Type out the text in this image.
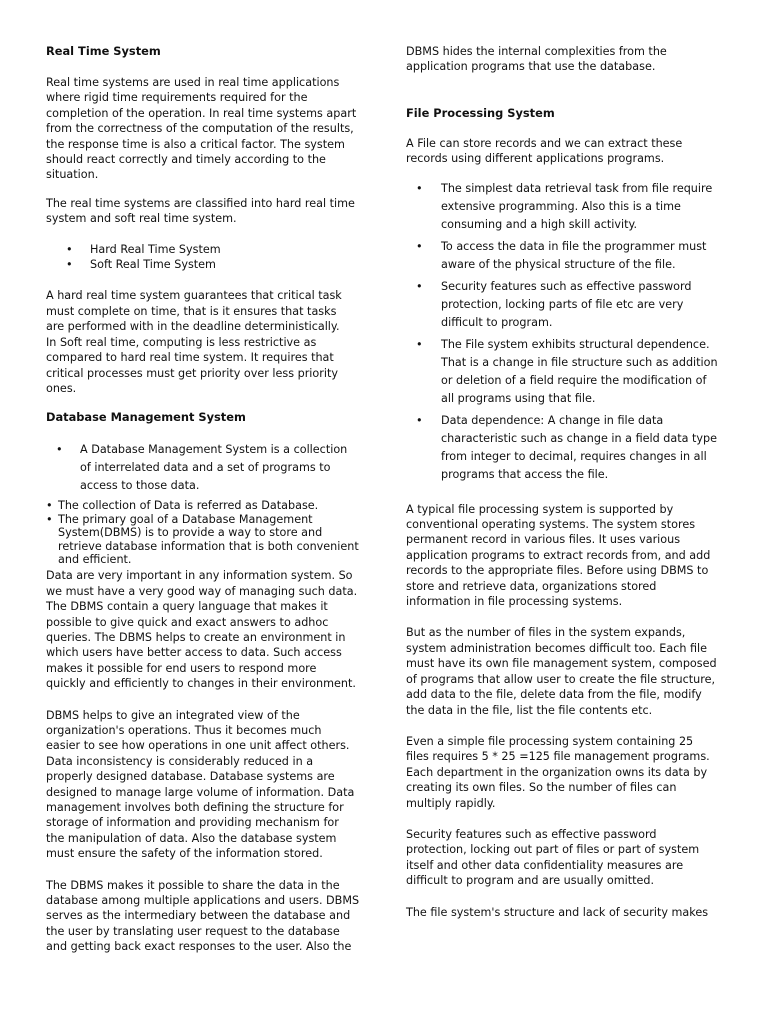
Real Time System

Real time systems are used in real time applications
where rigid time requirements required for the
completion of the operation. In real time systems apart
from the correctness of the computation of the results,
the response time is also a critical factor. The system
should react correctly and timely according to the
situation.

The real time systems are classified into hard real time
system and soft real time system.

• Hard Real Time System
• Soft Real Time System

A hard real time system guarantees that critical task
must complete on time, that is it ensures that tasks
are performed with in the deadline deterministically.
In Soft real time, computing is less restrictive as
compared to hard real time system. It requires that
critical processes must get priority over less priority
ones.

Database Management System
• A Database Management System is a collection
of interrelated data and a set of programs to
access to those data.
• The collection of Data is referred as Database.
• The primary goal of a Database Management
System(DBMS) is to provide a way to store and
retrieve database information that is both convenient
and efficient.

Data are very important in any information system. So
we must have a very good way of managing such data.
The DBMS contain a query language that makes it
possible to give quick and exact answers to adhoc
queries. The DBMS helps to create an environment in
which users have better access to data. Such access
makes it possible for end users to respond more
quickly and efficiently to changes in their environment.

DBMS helps to give an integrated view of the
organization's operations. Thus it becomes much
easier to see how operations in one unit affect others.
Data inconsistency is considerably reduced in a
properly designed database. Database systems are
designed to manage large volume of information. Data
management involves both defining the structure for
storage of information and providing mechanism for
the manipulation of data. Also the database system
must ensure the safety of the information stored.

The DBMS makes it possible to share the data in the
database among multiple applications and users. DBMS
serves as the intermediary between the database and
the user by translating user request to the database
and getting back exact responses to the user. Also the

DBMS hides the internal complexities from the
application programs that use the database.

File Processing System

A File can store records and we can extract these
records using different applications programs.

• The simplest data retrieval task from file require
extensive programming. Also this is a time
consuming and a high skill activity.
• To access the data in file the programmer must
aware of the physical structure of the file.
• Security features such as effective password
protection, locking parts of file etc are very
difficult to program.
• The File system exhibits structural dependence.
That is a change in file structure such as addition
or deletion of a field require the modification of
all programs using that file.
• Data dependence: A change in file data
characteristic such as change in a field data type
from integer to decimal, requires changes in all
programs that access the file.

A typical file processing system is supported by
conventional operating systems. The system stores
permanent record in various files. It uses various
application programs to extract records from, and add
records to the appropriate files. Before using DBMS to
store and retrieve data, organizations stored
information in file processing systems.

But as the number of files in the system expands,
system administration becomes difficult too. Each file
must have its own file management system, composed
of programs that allow user to create the file structure,
add data to the file, delete data from the file, modify
the data in the file, list the file contents etc.

Even a simple file processing system containing 25
files requires 5 * 25 =125 file management programs.
Each department in the organization owns its data by
creating its own files. So the number of files can
multiply rapidly.

Security features such as effective password
protection, locking out part of files or part of system
itself and other data confidentiality measures are
difficult to program and are usually omitted.

The file system's structure and lack of security makes
